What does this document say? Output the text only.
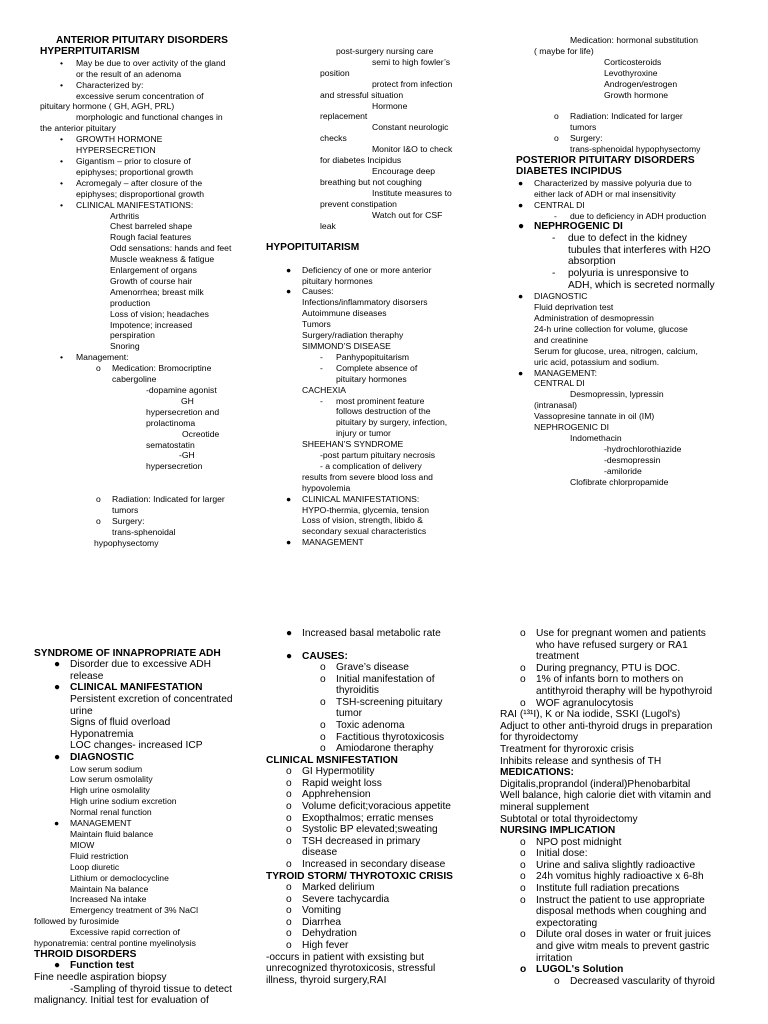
ANTERIOR PITUITARY DISORDERS
HYPERPITUITARISM
•	May be due to over activity of the gland
or the result of an adenoma
•	Characterized by:
excessive serum concentration of
pituitary hormone ( GH, AGH, PRL)
morphologic and functional changes in
the anterior pituitary
•	GROWTH HORMONE
HYPERSECRETION
•	Gigantism – prior to closure of
epiphyses; proportional growth
•	Acromegaly – after closure of the
epiphyses; disproportional growth
•	CLINICAL MANIFESTATIONS:
Arthritis
Chest barreled shape
Rough facial features
Odd sensations: hands and feet
Muscle weakness & fatigue
Enlargement of organs
Growth of course hair
Amenorrhea; breast milk
production
Loss of vision; headaches
Impotence; increased
perspiration
Snoring
•	Management:
o	Medication: Bromocriptine
cabergoline
-dopamine agonist
GH
hypersecretion and
prolactinoma
Ocreotide
sematostatin
-GH
hypersecretion

o	Radiation: Indicated for larger
tumors
o	Surgery:
trans-sphenoidal
hypophysectomy
post-surgery nursing care
semi to high fowler’s
position
protect from infection
and stressful situation
Hormone
replacement
Constant neurologic
checks
Monitor I&O to check
for diabetes Incipidus
Encourage deep
breathing but not coughing
Institute measures to
prevent constipation
Watch out for CSF
leak

HYPOPITUITARISM

●	Deficiency of one or more anterior
pituitary hormones
●	Causes:
Infections/inflammatory disorsers
Autoimmune diseases
Tumors
Surgery/radiation theraphy
SIMMOND’S DISEASE
-	Panhypopituitarism
-	Complete absence of
pituitary hormones
CACHEXIA
-	most prominent feature
follows destruction of the
pituitary by surgery, infection,
injury or tumor
SHEEHAN’S SYNDROME
-post partum pituitary necrosis
- a complication of delivery
results from severe blood loss and
hypovolemia
●	CLINICAL MANIFESTATIONS:
HYPO-thermia, glycemia, tension
Loss of vision, strength, libido &
secondary sexual characteristics
●	MANAGEMENT
Medication: hormonal substitution
( maybe for life)
Corticosteroids
Levothyroxine
Androgen/estrogen
Growth hormone

o	Radiation: Indicated for larger
tumors
o	Surgery:
trans-sphenoidal hypophysectomy
POSTERIOR PITUITARY DISORDERS
DIABETES INCIPIDUS
●	Characterized by massive polyuria due to
either lack of ADH or rnal insensitivity
●	CENTRAL DI
-	due to deficiency in ADH production
● NEPHROGENIC DI
-	due to defect in the kidney
tubules that interferes with H2O
absorption
-	polyuria is unresponsive to
ADH, which is secreted normally
●	DIAGNOSTIC
Fluid deprivation test
Administration of desmopressin
24-h urine collection for volume, glucose
and creatinine
Serum for glucose, urea, nitrogen, calcium,
uric acid, potassium and sodium.
●	MANAGEMENT:
CENTRAL DI
Desmopressin, lypressin
(intranasal)
Vassopresine tannate in oil (IM)
NEPHROGENIC DI
Indomethacin
-hydrochlorothiazide
-desmopressin
-amiloride
Clofibrate chlorpropamide

SYNDROME OF INNAPROPRIATE ADH
● Disorder due to excessive ADH
release
● CLINICAL MANIFESTATION
Persistent excretion of concentrated
urine
Signs of fluid overload
Hyponatremia
LOC changes- increased ICP
● DIAGNOSTIC
Low serum sodium
Low serum osmolality
High urine osmolality
High urine sodium excretion
Normal renal function
●	MANAGEMENT
Maintain fluid balance
MIOW
Fluid restriction
Loop diuretic
Lithium or democlocycline
Maintain Na balance
Increased Na intake
Emergency treatment of 3% NaCl
followed by furosimide
Excessive rapid correction of
hyponatremia: central pontine myelinolysis
THROID DISORDERS
● Function test
Fine needle aspiration biopsy
-Sampling of thyroid tissue to detect
malignancy. Initial test for evaluation of
● Increased basal metabolic rate

● CAUSES:
o	Grave’s disease
o	Initial manifestation of
thyroiditis
o	TSH-screening pituitary
tumor
o	Toxic adenoma
o	Factitious thyrotoxicosis
o	Amiodarone theraphy
CLINICAL MSNIFESTATION
o	GI Hypermotility
o	Rapid weight loss
o	Apphrehension
o	Volume deficit;voracious appetite
o	Exopthalmos; erratic menses
o	Systolic BP elevated;sweating
o	TSH decreased in primary
disease
o	Increased in secondary disease
TYROID STORM/ THYROTOXIC CRISIS
o	Marked delirium
o	Severe tachycardia
o	Vomiting
o	Diarrhea
o	Dehydration
o	High fever
-occurs in patient with exsisting but
unrecognized thyrotoxicosis, stressful
illness, thyroid surgery,RAI
o	Use for pregnant women and patients
who have refused surgery or RA1
treatment
o	During pregnancy, PTU is DOC.
o	1% of infants born to mothers on
antithyroid theraphy will be hypothyroid
o	WOF agranulocytosis
RAI (¹³¹I), K or Na iodide, SSKI (Lugol's)
Adjuct to other anti-thyroid drugs in preparation
for thyroidectomy
Treatment for thyroroxic crisis
Inhibits release and synthesis of TH
MEDICATIONS:
Digitalis,proprandol (inderal)Phenobarbital
Well balance, high calorie diet with vitamin and
mineral supplement
Subtotal or total thyroidectomy
NURSING IMPLICATION
o	NPO post midnight
o	Initial dose:
o	Urine and saliva slightly radioactive
o	24h vomitus highly radioactive x 6-8h
o	Institute full radiation precations
o	Instruct the patient to use appropriate
disposal methods when coughing and
expectorating
o	Dilute oral doses in water or fruit juices
and give witm meals to prevent gastric
irritation
o LUGOL's Solution
o	Decreased vascularity of thyroid
